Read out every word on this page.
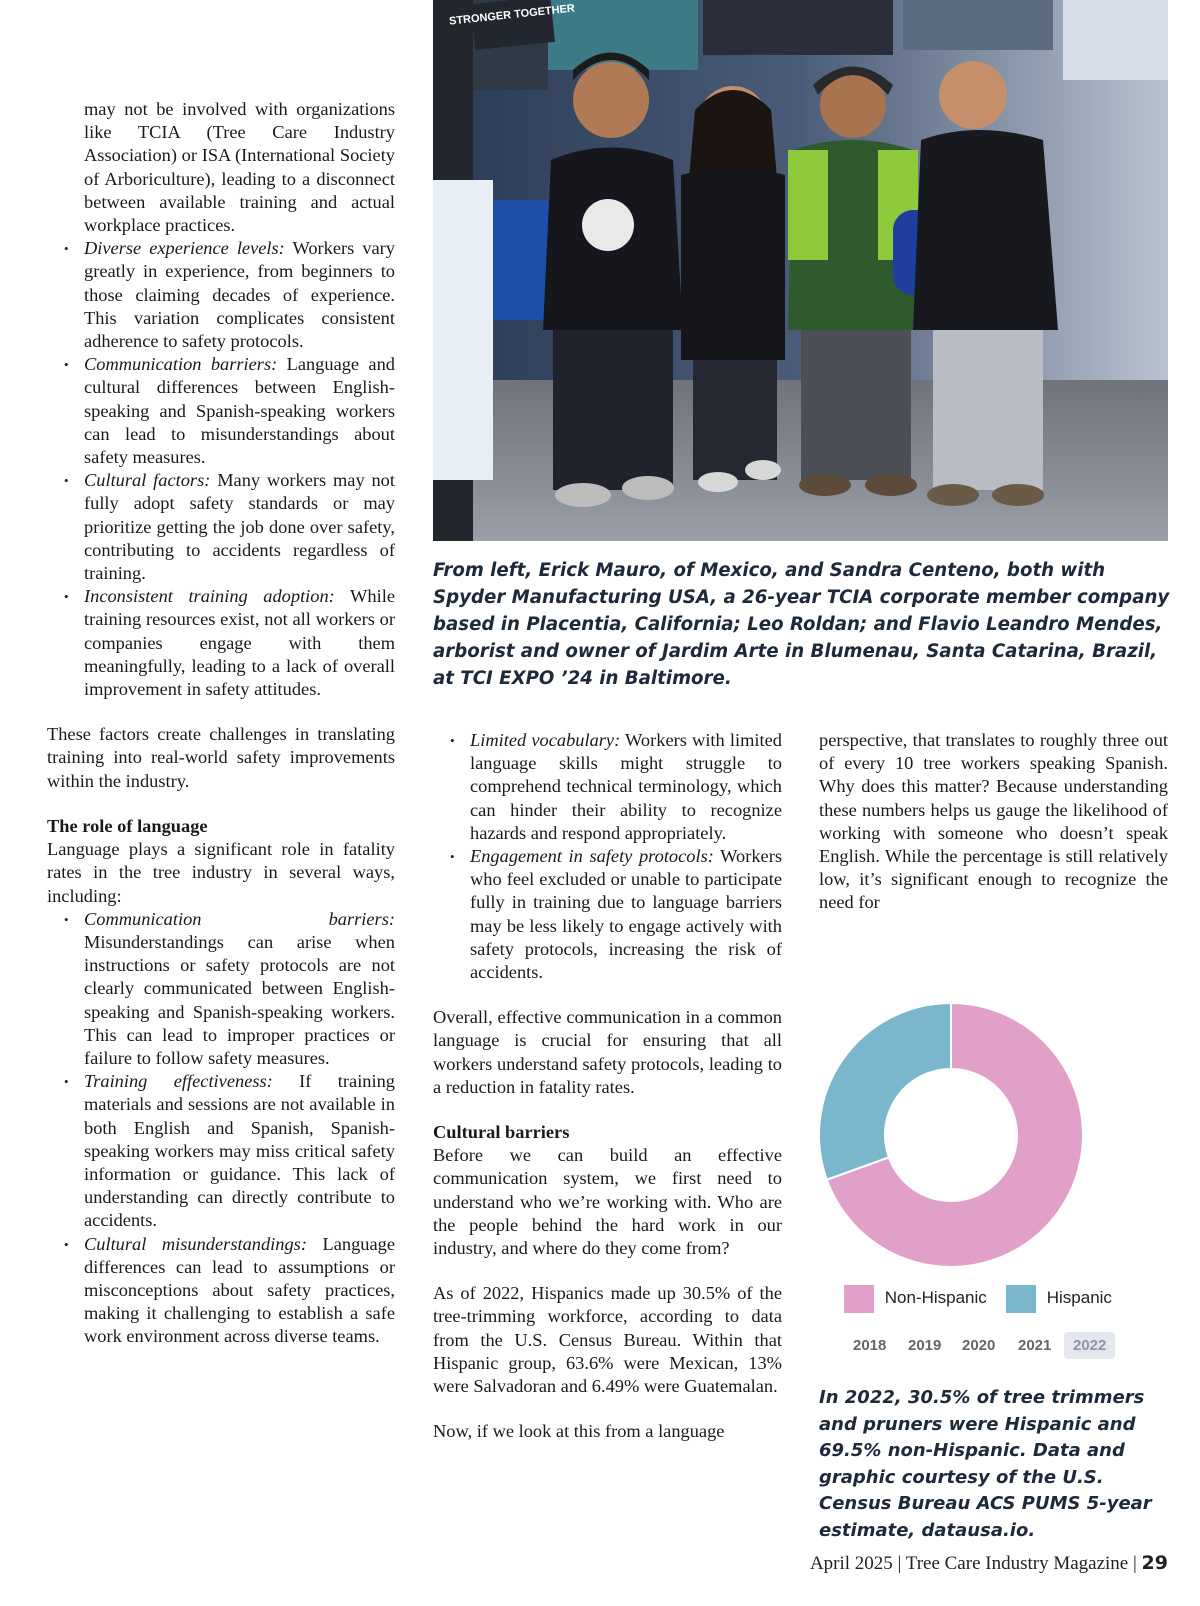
may not be involved with organizations like TCIA (Tree Care Industry Association) or ISA (International Society of Arboriculture), leading to a disconnect between available training and actual workplace practices.

• Diverse experience levels: Workers vary greatly in experience, from beginners to those claiming decades of experience. This variation complicates consistent adherence to safety protocols.
• Communication barriers: Language and cultural differences between English-speaking and Spanish-speaking workers can lead to misunderstandings about safety measures.
• Cultural factors: Many workers may not fully adopt safety standards or may prioritize getting the job done over safety, contributing to accidents regardless of training.
• Inconsistent training adoption: While training resources exist, not all workers or companies engage with them meaningfully, leading to a lack of overall improvement in safety attitudes.

These factors create challenges in translating training into real-world safety improvements within the industry.

The role of language

Language plays a significant role in fatality rates in the tree industry in several ways, including:

• Communication barriers: Misunderstandings can arise when instructions or safety protocols are not clearly communicated between English-speaking and Spanish-speaking workers. This can lead to improper practices or failure to follow safety measures.
• Training effectiveness: If training materials and sessions are not available in both English and Spanish, Spanish-speaking workers may miss critical safety information or guidance. This lack of understanding can directly contribute to accidents.
• Cultural misunderstandings: Language differences can lead to assumptions or misconceptions about safety practices, making it challenging to establish a safe work environment across diverse teams.
STRONGER TOGETHER
From left, Erick Mauro, of Mexico, and Sandra Centeno, both with Spyder Manufacturing USA, a 26-year TCIA corporate member company based in Placentia, California; Leo Roldan; and Flavio Leandro Mendes, arborist and owner of Jardim Arte in Blumenau, Santa Catarina, Brazil, at TCI EXPO ’24 in Baltimore.
• Limited vocabulary: Workers with limited language skills might struggle to comprehend technical terminology, which can hinder their ability to recognize hazards and respond appropriately.
• Engagement in safety protocols: Workers who feel excluded or unable to participate fully in training due to language barriers may be less likely to engage actively with safety protocols, increasing the risk of accidents.

Overall, effective communication in a common language is crucial for ensuring that all workers understand safety protocols, leading to a reduction in fatality rates.

Cultural barriers

Before we can build an effective communication system, we first need to understand who we’re working with. Who are the people behind the hard work in our industry, and where do they come from?

As of 2022, Hispanics made up 30.5% of the tree-trimming workforce, according to data from the U.S. Census Bureau. Within that Hispanic group, 63.6% were Mexican, 13% were Salvadoran and 6.49% were Guatemalan.

Now, if we look at this from a language

perspective, that translates to roughly three out of every 10 tree workers speaking Spanish. Why does this matter? Because understanding these numbers helps us gauge the likelihood of working with someone who doesn’t speak English. While the percentage is still relatively low, it’s significant enough to recognize the need for

Non-Hispanic	Hispanic
2018	2019	2020	2021	2022
In 2022, 30.5% of tree trimmers and pruners were Hispanic and 69.5% non-Hispanic. Data and graphic courtesy of the U.S. Census Bureau ACS PUMS 5-year estimate, datausa.io.
April 2025 | Tree Care Industry Magazine | 29
